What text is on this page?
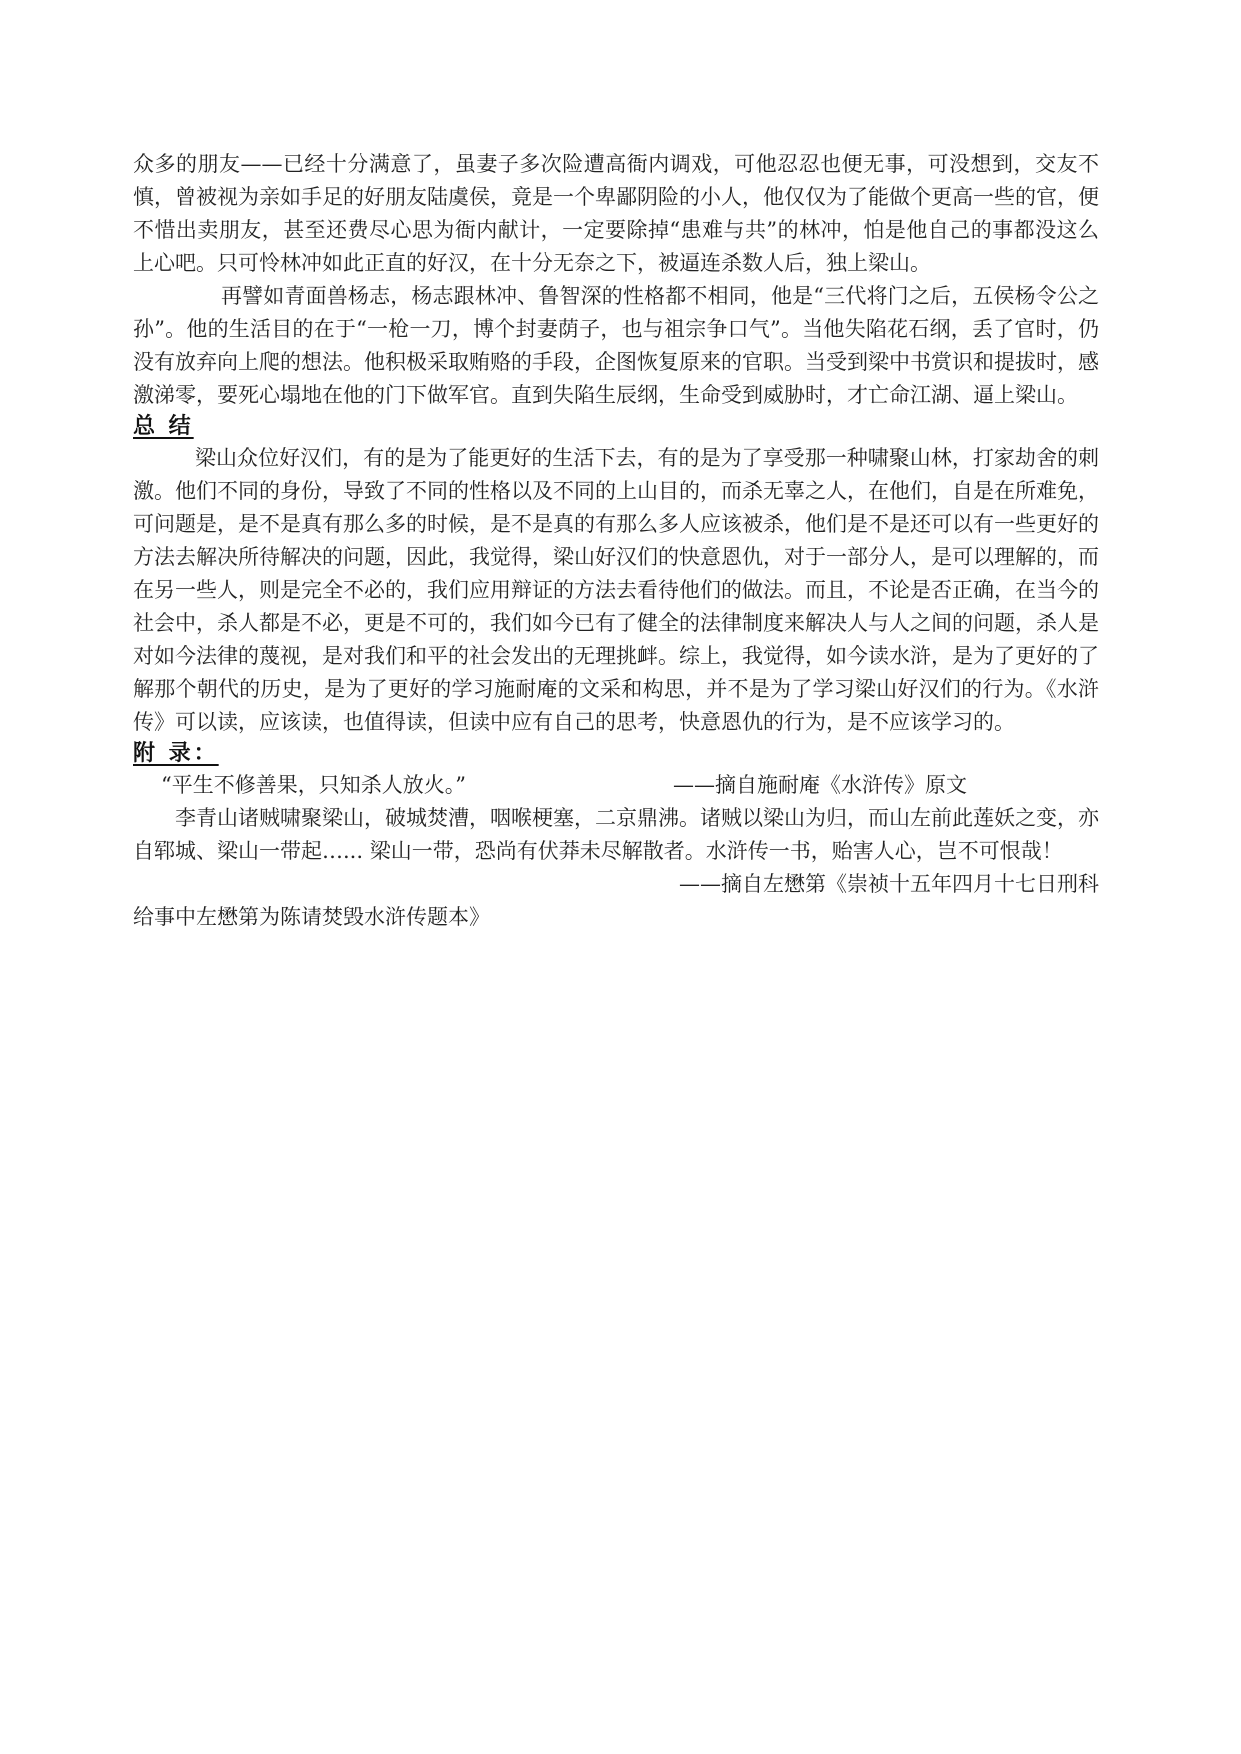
众多的朋友——已经十分满意了，虽妻子多次险遭高衙内调戏，可他忍忍也便无事，可没想到，交友不慎，曾被视为亲如手足的好朋友陆虞侯，竟是一个卑鄙阴险的小人，他仅仅为了能做个更高一些的官，便不惜出卖朋友，甚至还费尽心思为衙内献计，一定要除掉“患难与共”的林冲，怕是他自己的事都没这么上心吧。只可怜林冲如此正直的好汉，在十分无奈之下，被逼连杀数人后，独上梁山。

再譬如青面兽杨志，杨志跟林冲、鲁智深的性格都不相同，他是“三代将门之后，五侯杨令公之孙”。他的生活目的在于“一枪一刀，博个封妻荫子，也与祖宗争口气”。当他失陷花石纲，丢了官时，仍没有放弃向上爬的想法。他积极采取贿赂的手段，企图恢复原来的官职。当受到梁中书赏识和提拔时，感激涕零，要死心塌地在他的门下做军官。直到失陷生辰纲，生命受到威胁时，才亡命江湖、逼上梁山。

总 结

梁山众位好汉们，有的是为了能更好的生活下去，有的是为了享受那一种啸聚山林，打家劫舍的刺激。他们不同的身份，导致了不同的性格以及不同的上山目的，而杀无辜之人，在他们，自是在所难免，可问题是，是不是真有那么多的时候，是不是真的有那么多人应该被杀，他们是不是还可以有一些更好的方法去解决所待解决的问题，因此，我觉得，梁山好汉们的快意恩仇，对于一部分人，是可以理解的，而在另一些人，则是完全不必的，我们应用辩证的方法去看待他们的做法。而且，不论是否正确，在当今的社会中，杀人都是不必，更是不可的，我们如今已有了健全的法律制度来解决人与人之间的问题，杀人是对如今法律的蔑视，是对我们和平的社会发出的无理挑衅。综上，我觉得，如今读水浒，是为了更好的了解那个朝代的历史，是为了更好的学习施耐庵的文采和构思，并不是为了学习梁山好汉们的行为。《水浒传》可以读，应该读，也值得读，但读中应有自己的思考，快意恩仇的行为，是不应该学习的。

附 录：
“平生不修善果，只知杀人放火。”	——摘自施耐庵《水浒传》原文

李青山诸贼啸聚梁山，破城焚漕，咽喉梗塞，二京鼎沸。诸贼以梁山为归，而山左前此莲妖之变，亦自郓城、梁山一带起…... 梁山一带，恐尚有伏莽未尽解散者。水浒传一书，贻害人心，岂不可恨哉！

——摘自左懋第《崇祯十五年四月十七日刑科

给事中左懋第为陈请焚毁水浒传题本》
